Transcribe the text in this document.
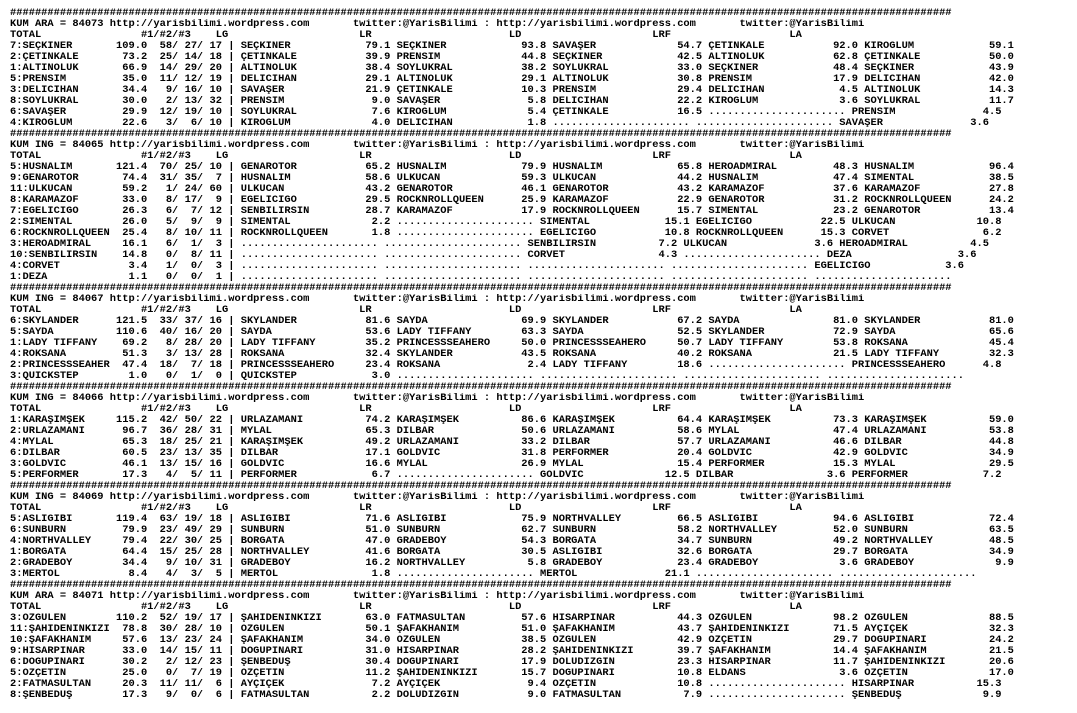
#######################################################################################################################################################
KUM ARA = 84073 http://yarisbilimi.wordpress.com       twitter:@YarisBilimi : http://yarisbilimi.wordpress.com       twitter:@YarisBilimi
TOTAL                #1/#2/#3    LG                     LR                      LD                     LRF                   LA
7:SEÇKİNER       109.0  58/ 27/ 17 | SEÇKİNER            79.1 SEÇKİNER            93.8 SAVAŞER             54.7 ÇETİNKALE           92.0 KIROĞLUM            59.1
2:ÇETİNKALE       73.2  25/ 14/ 18 | ÇETİNKALE           39.9 PRENSİM             44.8 SEÇKİNER            42.5 ALTINOLUK           62.8 ÇETİNKALE           50.0
1:ALTINOLUK       66.9  14/ 29/ 20 | ALTINOLUK           38.4 SOYLUKRAL           38.2 SOYLUKRAL           33.0 SEÇKİNER            48.4 SEÇKİNER            43.9
5:PRENSİM         35.0  11/ 12/ 19 | DELİCİHAN           29.1 ALTINOLUK           29.1 ALTINOLUK           30.8 PRENSİM             17.9 DELİCİHAN           42.0
3:DELİCİHAN       34.4   9/ 16/ 10 | SAVAŞER             21.9 ÇETİNKALE           10.3 PRENSİM             29.4 DELİCİHAN            4.5 ALTINOLUK           14.3
8:SOYLUKRAL       30.0   2/ 13/ 32 | PRENSİM              9.0 SAVAŞER              5.8 DELİCİHAN           22.2 KIROĞLUM             3.6 SOYLUKRAL           11.7
6:SAVAŞER         29.9  12/ 19/ 10 | SOYLUKRAL            7.6 KIROĞLUM             5.4 ÇETİNKALE           16.5 ...................... PRENSİM              4.5
4:KIROĞLUM        22.6   3/  6/ 10 | KIROĞLUM             4.0 DELİCİHAN            1.8 ...................... ...................... SAVAŞER              3.6
#######################################################################################################################################################
KUM ING = 84065 http://yarisbilimi.wordpress.com       twitter:@YarisBilimi : http://yarisbilimi.wordpress.com       twitter:@YarisBilimi
TOTAL                #1/#2/#3    LG                     LR                      LD                     LRF                   LA
5:HÜSNALIM       121.4  70/ 25/ 10 | GENAROTOR           65.2 HÜSNALIM            79.9 HÜSNALIM            65.8 HEROADMIRAL         48.3 HÜSNALIM            96.4
9:GENAROTOR       74.4  31/ 35/  7 | HÜSNALIM            58.6 ÜLKÜCAN             59.3 ÜLKÜCAN             44.2 HÜSNALIM            47.4 SİMENTAL            38.5
11:ÜLKÜCAN        59.2   1/ 24/ 60 | ÜLKÜCAN             43.2 GENAROTOR           46.1 GENAROTOR           43.2 KARAMAZOF           37.6 KARAMAZOF           27.8
8:KARAMAZOF       33.0   8/ 17/  9 | EGELİCİGO           29.5 ROCKNROLLQUEEN      25.9 KARAMAZOF           22.9 GENAROTOR           31.2 ROCKNROLLQUEEN      24.2
7:EGELİCİGO       26.3   6/  7/ 12 | SENBİLİRSİN         28.7 KARAMAZOF           17.9 ROCKNROLLQUEEN      15.7 SİMENTAL            23.2 GENAROTOR           13.4
2:SİMENTAL        26.0   5/  9/  9 | SİMENTAL             2.2 ...................... SİMENTAL            15.1 EGELİCİGO           22.5 ÜLKÜCAN             10.8
6:ROCKNROLLQUEEN  25.4   8/ 10/ 11 | ROCKNROLLQUEEN       1.8 ...................... EGELİCİGO           10.8 ROCKNROLLQUEEN      15.3 CORVET               6.2
3:HEROADMIRAL     16.1   6/  1/  3 | ...................... ...................... SENBİLİRSİN          7.2 ÜLKÜCAN              3.6 HEROADMIRAL          4.5
10:SENBİLİRSİN    14.8   0/  8/ 11 | ...................... ...................... CORVET               4.3 ...................... DEZA                 3.6
4:CORVET           3.4   1/  0/  3 | ...................... ...................... ...................... ...................... EGELİCİGO            3.6
1:DEZA             1.1   0/  0/  1 | ...................... ...................... ...................... ...................... ......................
#######################################################################################################################################################
KUM ING = 84067 http://yarisbilimi.wordpress.com       twitter:@YarisBilimi : http://yarisbilimi.wordpress.com       twitter:@YarisBilimi
TOTAL                #1/#2/#3    LG                     LR                      LD                     LRF                   LA
6:SKYLANDER      121.5  33/ 37/ 16 | SKYLANDER           81.6 SAYDA               69.9 SKYLANDER           67.2 SAYDA               81.0 SKYLANDER           81.0
5:SAYDA          110.6  40/ 16/ 20 | SAYDA               53.6 LADY TIFFANY        63.3 SAYDA               52.5 SKYLANDER           72.9 SAYDA               65.6
1:LADY TIFFANY    69.2   8/ 28/ 20 | LADY TIFFANY        35.2 PRINCESSSEAHERO     50.0 PRINCESSSEAHERO     50.7 LADY TIFFANY        53.8 ROKSANA             45.4
4:ROKSANA         51.3   3/ 13/ 28 | ROKSANA             32.4 SKYLANDER           43.5 ROKSANA             40.2 ROKSANA             21.5 LADY TIFFANY        32.3
2:PRINCESSSEAHER  47.4  18/  7/ 18 | PRINCESSSEAHERO     23.4 ROKSANA              2.4 LADY TIFFANY        18.6 ...................... PRINCESSSEAHERO      4.8
3:QUICKSTEP        1.0   0/  1/  0 | QUICKSTEP            3.0 ...................... ...................... ...................... ......................
#######################################################################################################################################################
KUM ING = 84066 http://yarisbilimi.wordpress.com       twitter:@YarisBilimi : http://yarisbilimi.wordpress.com       twitter:@YarisBilimi
TOTAL                #1/#2/#3    LG                     LR                      LD                     LRF                   LA
1:KARAŞİMŞEK     115.2  42/ 50/ 22 | URLAZAMANI          74.2 KARAŞİMŞEK          86.6 KARAŞİMŞEK          64.4 KARAŞİMŞEK          73.3 KARAŞİMŞEK          59.0
2:URLAZAMANI      96.7  36/ 28/ 31 | MYLAL               65.3 DİLBAR              50.6 URLAZAMANI          58.6 MYLAL               47.4 URLAZAMANI          53.8
4:MYLAL           65.3  18/ 25/ 21 | KARAŞİMŞEK          49.2 URLAZAMANI          33.2 DİLBAR              57.7 URLAZAMANI          46.6 DİLBAR              44.8
6:DİLBAR          60.5  23/ 13/ 35 | DİLBAR              17.1 GOLDVIC             31.8 PERFORMER           20.4 GOLDVIC             42.9 GOLDVIC             34.9
3:GOLDVIC         46.1  13/ 15/ 16 | GOLDVIC             16.6 MYLAL               26.9 MYLAL               15.4 PERFORMER           15.3 MYLAL               29.5
5:PERFORMER       17.3   4/  5/ 11 | PERFORMER            6.7 ...................... GOLDVIC             12.5 DİLBAR               3.6 PERFORMER            7.2
#######################################################################################################################################################
KUM ING = 84069 http://yarisbilimi.wordpress.com       twitter:@YarisBilimi : http://yarisbilimi.wordpress.com       twitter:@YarisBilimi
TOTAL                #1/#2/#3    LG                     LR                      LD                     LRF                   LA
5:ASLIGIBI       119.4  63/ 19/ 18 | ASLIGIBI            71.6 ASLIGIBI            75.9 NORTHVALLEY         66.5 ASLIGIBI            94.6 ASLIGIBI            72.4
6:SUNBURN         79.9  23/ 49/ 29 | SUNBURN             51.0 SUNBURN             62.7 SUNBURN             58.2 NORTHVALLEY         52.0 SUNBURN             63.5
4:NORTHVALLEY     79.4  22/ 30/ 25 | BORGATA             47.0 GRADEBOY            54.3 BORGATA             34.7 SUNBURN             49.2 NORTHVALLEY         48.5
1:BORGATA         64.4  15/ 25/ 28 | NORTHVALLEY         41.6 BORGATA             30.5 ASLIGIBI            32.6 BORGATA             29.7 BORGATA             34.9
2:GRADEBOY        34.4   9/ 10/ 31 | GRADEBOY            16.2 NORTHVALLEY          5.8 GRADEBOY            23.4 GRADEBOY             3.6 GRADEBOY             9.9
3:MERTOL           8.4   4/  3/  5 | MERTOL               1.8 ...................... MERTOL              21.1 ...................... ......................
#######################################################################################################################################################
KUM ARA = 84071 http://yarisbilimi.wordpress.com       twitter:@YarisBilimi : http://yarisbilimi.wordpress.com       twitter:@YarisBilimi
TOTAL                #1/#2/#3    LG                     LR                      LD                     LRF                   LA
3:ÖZGÜLEN        110.2  52/ 19/ 17 | ŞAHİDENİNKİZİ       63.0 FATMASULTAN         57.6 HİSARPINAR          44.3 ÖZGÜLEN             98.2 ÖZGÜLEN             88.5
11:ŞAHİDENİNKİZİ  78.8  30/ 28/ 10 | ÖZGÜLEN             50.1 ŞAFAKHANIM          51.0 ŞAFAKHANIM          43.7 ŞAHİDENİNKİZİ       71.5 AYÇİÇEK             32.3
10:ŞAFAKHANIM     57.6  13/ 23/ 24 | ŞAFAKHANIM          34.0 ÖZGÜLEN             38.5 ÖZGÜLEN             42.9 ÖZÇETİN             29.7 DOĞUPINARI          24.2
9:HİSARPINAR      33.0  14/ 15/ 11 | DOĞUPINARI          31.0 HİSARPINAR          28.2 ŞAHİDENİNKİZİ       39.7 ŞAFAKHANIM          14.4 ŞAFAKHANIM          21.5
6:DOĞUPINARI      30.2   2/ 12/ 23 | ŞENBEDÜŞ            30.4 DOĞUPINARI          17.9 DOLUDİZGİN          23.3 HİSARPINAR          11.7 ŞAHİDENİNKİZİ       20.6
5:ÖZÇETİN         25.0   0/  7/ 19 | ÖZÇETİN             11.2 ŞAHİDENİNKİZİ       15.7 DOĞUPINARI          10.8 ELDANS               3.6 ÖZÇETİN             17.0
2:FATMASULTAN     20.3  11/ 11/  6 | AYÇİÇEK              7.2 AYÇİÇEK              9.4 ÖZÇETİN             10.8 ...................... HİSARPINAR          15.3
8:ŞENBEDÜŞ        17.3   9/  0/  6 | FATMASULTAN          2.2 DOLUDİZGİN           9.0 FATMASULTAN          7.9 ...................... ŞENBEDÜŞ             9.9
